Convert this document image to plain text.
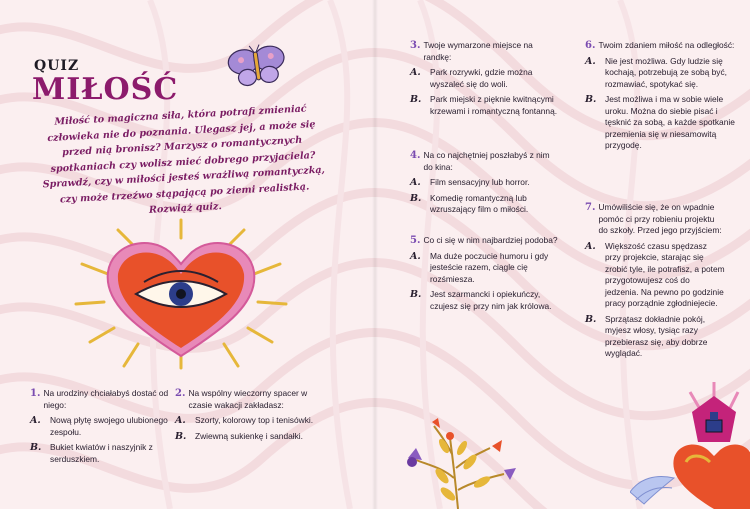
QUIZ
MIŁOŚĆ
Miłość to magiczna siła, która potrafi zmieniać człowieka nie do poznania. Ulegasz jej, a może się przed nią bronisz? Marzysz o romantycznych spotkaniach czy wolisz mieć dobrego przyjaciela? Sprawdź, czy w miłości jesteś wrażliwą romantyczką, czy może trzeźwo stąpającą po ziemi realistką. Rozwiąż quiz.
1. Na urodziny chciałabyś dostać od niego:
A.	Nową płytę swojego ulubionego zespołu.
B.	Bukiet kwiatów i naszyjnik z serduszkiem.
2. Na wspólny wieczorny spacer w czasie wakacji zakładasz:
A.	Szorty, kolorowy top i tenisówki.
B.	Zwiewną sukienkę i sandałki.
3. Twoje wymarzone miejsce na randkę:
A.	Park rozrywki, gdzie można wyszaleć się do woli.
B.	Park miejski z pięknie kwitnącymi krzewami i romantyczną fontanną.
4. Na co najchętniej poszłabyś z nim do kina:
A.	Film sensacyjny lub horror.
B.	Komedię romantyczną lub wzruszający film o miłości.
5. Co ci się w nim najbardziej podoba?
A.	Ma duże poczucie humoru i gdy jesteście razem, ciągle cię rozśmiesza.
B.	Jest szarmancki i opiekuńczy, czujesz się przy nim jak królowa.
6. Twoim zdaniem miłość na odległość:
A.	Nie jest możliwa. Gdy ludzie się kochają, potrzebują ze sobą być, rozmawiać, spotykać się.
B.	Jest możliwa i ma w sobie wiele uroku. Można do siebie pisać i tęsknić za sobą, a każde spotkanie przemienia się w niesamowitą przygodę.
7. Umówiliście się, że on wpadnie pomóc ci przy robieniu projektu do szkoły. Przed jego przyjściem:
A.	Większość czasu spędzasz przy projekcie, starając się zrobić tyle, ile potrafisz, a potem przygotowujesz coś do jedzenia. Na pewno po godzinie pracy porządnie zgłodniejecie.
B.	Sprzątasz dokładnie pokój, myjesz włosy, tysiąc razy przebierasz się, aby dobrze wyglądać.
